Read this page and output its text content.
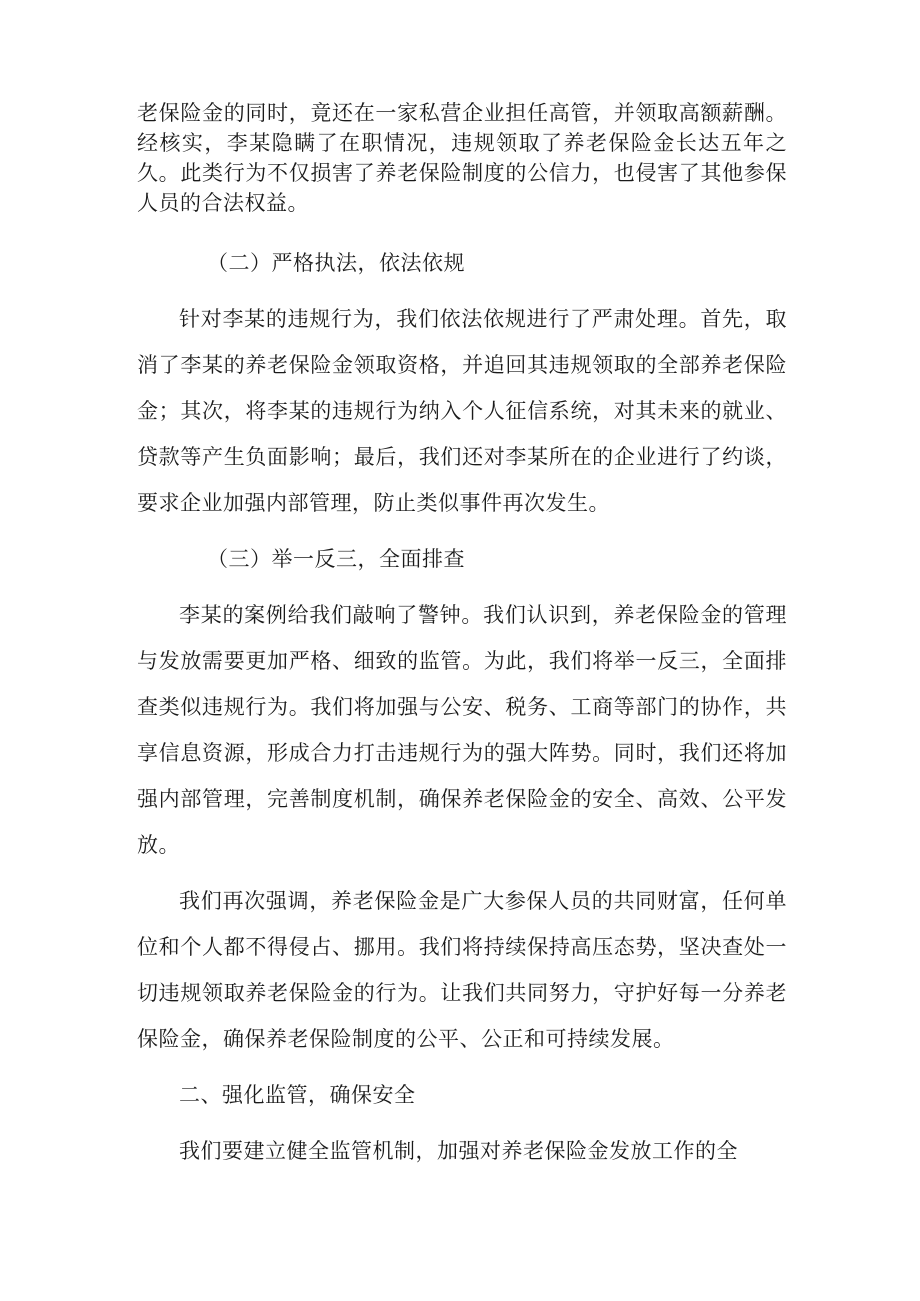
老保险金的同时，竟还在一家私营企业担任高管，并领取高额薪酬。经核实，李某隐瞒了在职情况，违规领取了养老保险金长达五年之久。此类行为不仅损害了养老保险制度的公信力，也侵害了其他参保人员的合法权益。

（二）严格执法，依法依规

针对李某的违规行为，我们依法依规进行了严肃处理。首先，取消了李某的养老保险金领取资格，并追回其违规领取的全部养老保险金；其次，将李某的违规行为纳入个人征信系统，对其未来的就业、贷款等产生负面影响；最后，我们还对李某所在的企业进行了约谈，要求企业加强内部管理，防止类似事件再次发生。

（三）举一反三，全面排查

李某的案例给我们敲响了警钟。我们认识到，养老保险金的管理与发放需要更加严格、细致的监管。为此，我们将举一反三，全面排查类似违规行为。我们将加强与公安、税务、工商等部门的协作，共享信息资源，形成合力打击违规行为的强大阵势。同时，我们还将加强内部管理，完善制度机制，确保养老保险金的安全、高效、公平发放。

我们再次强调，养老保险金是广大参保人员的共同财富，任何单位和个人都不得侵占、挪用。我们将持续保持高压态势，坚决查处一切违规领取养老保险金的行为。让我们共同努力，守护好每一分养老保险金，确保养老保险制度的公平、公正和可持续发展。

二、强化监管，确保安全

我们要建立健全监管机制，加强对养老保险金发放工作的全
